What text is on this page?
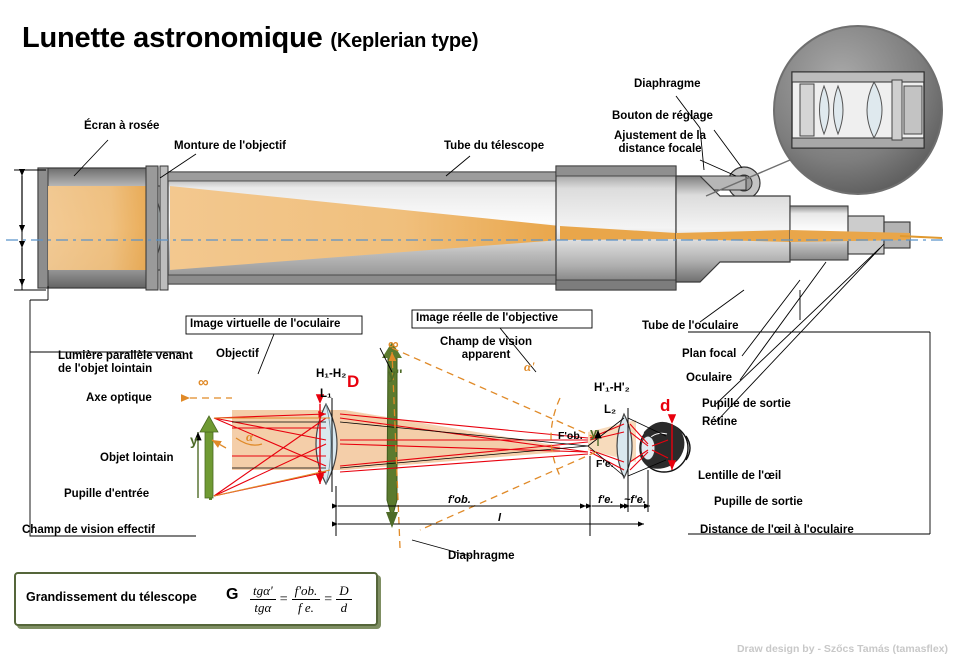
Lunette astronomique (Keplerian type)
Diaphragme
Bouton de réglage
Ajustement de la distance focale
Écran à rosée
Monture de l'objectif	Tube du télescope
Image virtuelle de l'oculaire	Image réelle de l'objective
Champ de vision apparent
Tube de l'oculaire
Plan focal
Oculaire
Pupille de sortie
Rétine
Lentille de l'œil
Pupille de sortie
Distance de l'œil à l'oculaire
Objectif
Lumière parallèle venant de l'objet lointain
Axe optique
Objet lointain
Pupille d'entrée
Champ de vision effectif
Diaphragme
H₁-H₂
L₁	H'₁-H'₂
L₂
D
d
y''
y	y
α
α'
∞
∞
F'ob.
F'e.
f'ob.	f'e. ~f'e.
l
Grandissement du télescope G $\frac{\text{tgα'}}{\text{tgα}} = \frac{f'ob.}{\text{f e.}} = \frac{D}{d}$
Draw design by - Szőcs Tamás (tamasflex)
